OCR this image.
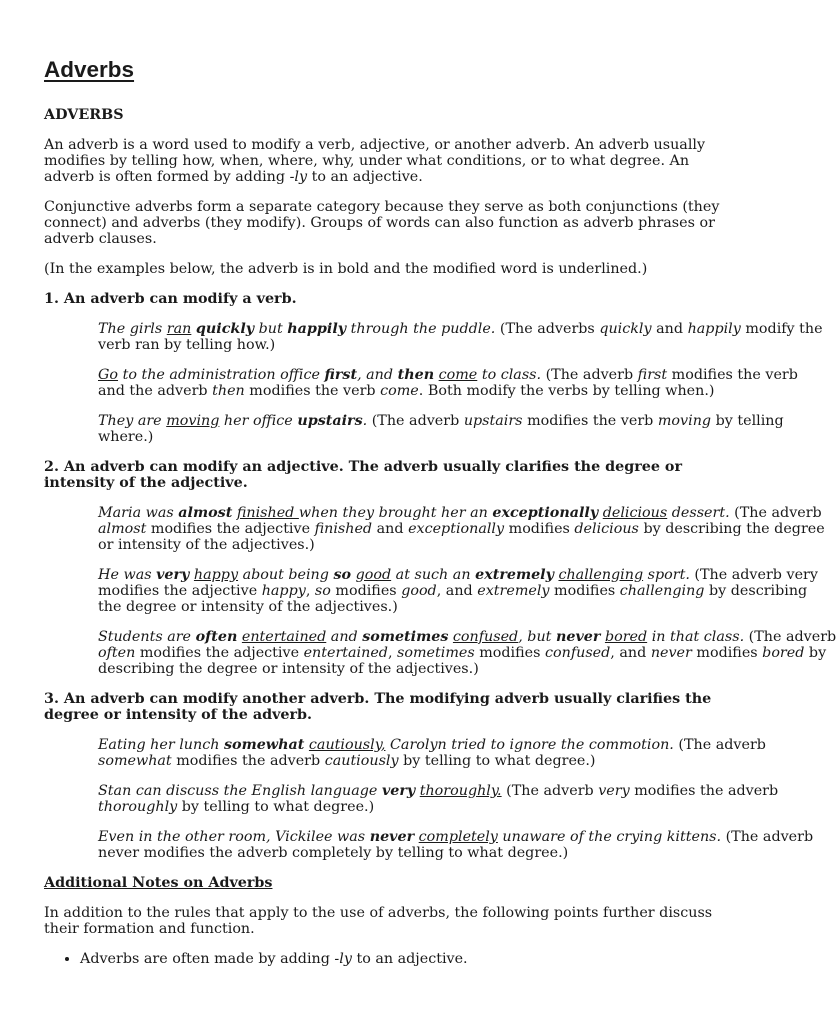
Adverbs

ADVERBS

An adverb is a word used to modify a verb, adjective, or another adverb. An adverb usually modifies by telling how, when, where, why, under what conditions, or to what degree. An adverb is often formed by adding -ly to an adjective.

Conjunctive adverbs form a separate category because they serve as both conjunctions (they connect) and adverbs (they modify). Groups of words can also function as adverb phrases or adverb clauses.

(In the examples below, the adverb is in bold and the modified word is underlined.)

1. An adverb can modify a verb.

The girls ran quickly but happily through the puddle. (The adverbs quickly and happily modify the
verb ran by telling how.)
Go to the administration office first, and then come to class. (The adverb first modifies the verb
and the adverb then modifies the verb come. Both modify the verbs by telling when.)
They are moving her office upstairs. (The adverb upstairs modifies the verb moving by telling
where.)

2. An adverb can modify an adjective. The adverb usually clarifies the degree or intensity of the adjective.

Maria was almost finished when they brought her an exceptionally delicious dessert. (The adverb
almost modifies the adjective finished and exceptionally modifies delicious by describing the degree
or intensity of the adjectives.)
He was very happy about being so good at such an extremely challenging sport. (The adverb very
modifies the adjective happy, so modifies good, and extremely modifies challenging by describing
the degree or intensity of the adjectives.)
Students are often entertained and sometimes confused, but never bored in that class. (The adverb
often modifies the adjective entertained, sometimes modifies confused, and never modifies bored by
describing the degree or intensity of the adjectives.)

3. An adverb can modify another adverb. The modifying adverb usually clarifies the degree or intensity of the adverb.

Eating her lunch somewhat cautiously, Carolyn tried to ignore the commotion. (The adverb
somewhat modifies the adverb cautiously by telling to what degree.)
Stan can discuss the English language very thoroughly. (The adverb very modifies the adverb
thoroughly by telling to what degree.)
Even in the other room, Vickilee was never completely unaware of the crying kittens. (The adverb
never modifies the adverb completely by telling to what degree.)

Additional Notes on Adverbs

In addition to the rules that apply to the use of adverbs, the following points further discuss their formation and function.

• Adverbs are often made by adding -ly to an adjective.
